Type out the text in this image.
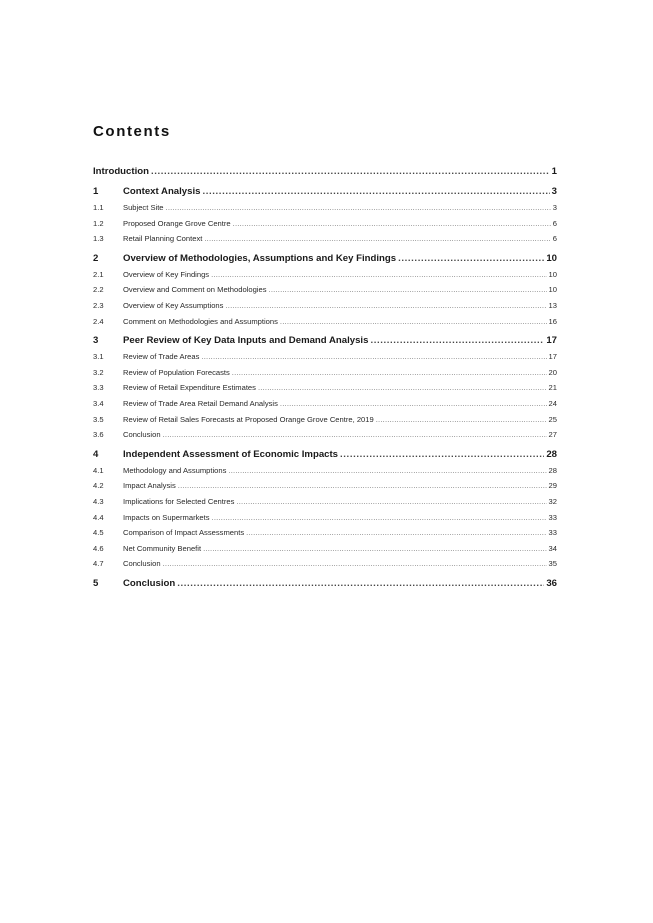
Contents
Introduction .....	1
1	Context Analysis .....	3
1.1	Subject Site .....	3
1.2	Proposed Orange Grove Centre .....	6
1.3	Retail Planning Context .....	6
2	Overview of Methodologies, Assumptions and Key Findings .....	10
2.1	Overview of Key Findings .....	10
2.2	Overview and Comment on Methodologies .....	10
2.3	Overview of Key Assumptions .....	13
2.4	Comment on Methodologies and Assumptions .....	16
3	Peer Review of Key Data Inputs and Demand Analysis .....	17
3.1	Review of Trade Areas .....	17
3.2	Review of Population Forecasts .....	20
3.3	Review of Retail Expenditure Estimates .....	21
3.4	Review of Trade Area Retail Demand Analysis .....	24
3.5	Review of Retail Sales Forecasts at Proposed Orange Grove Centre, 2019 .....	25
3.6	Conclusion .....	27
4	Independent Assessment of Economic Impacts .....	28
4.1	Methodology and Assumptions .....	28
4.2	Impact Analysis .....	29
4.3	Implications for Selected Centres .....	32
4.4	Impacts on Supermarkets .....	33
4.5	Comparison of Impact Assessments .....	33
4.6	Net Community Benefit .....	34
4.7	Conclusion .....	35
5	Conclusion .....	36
